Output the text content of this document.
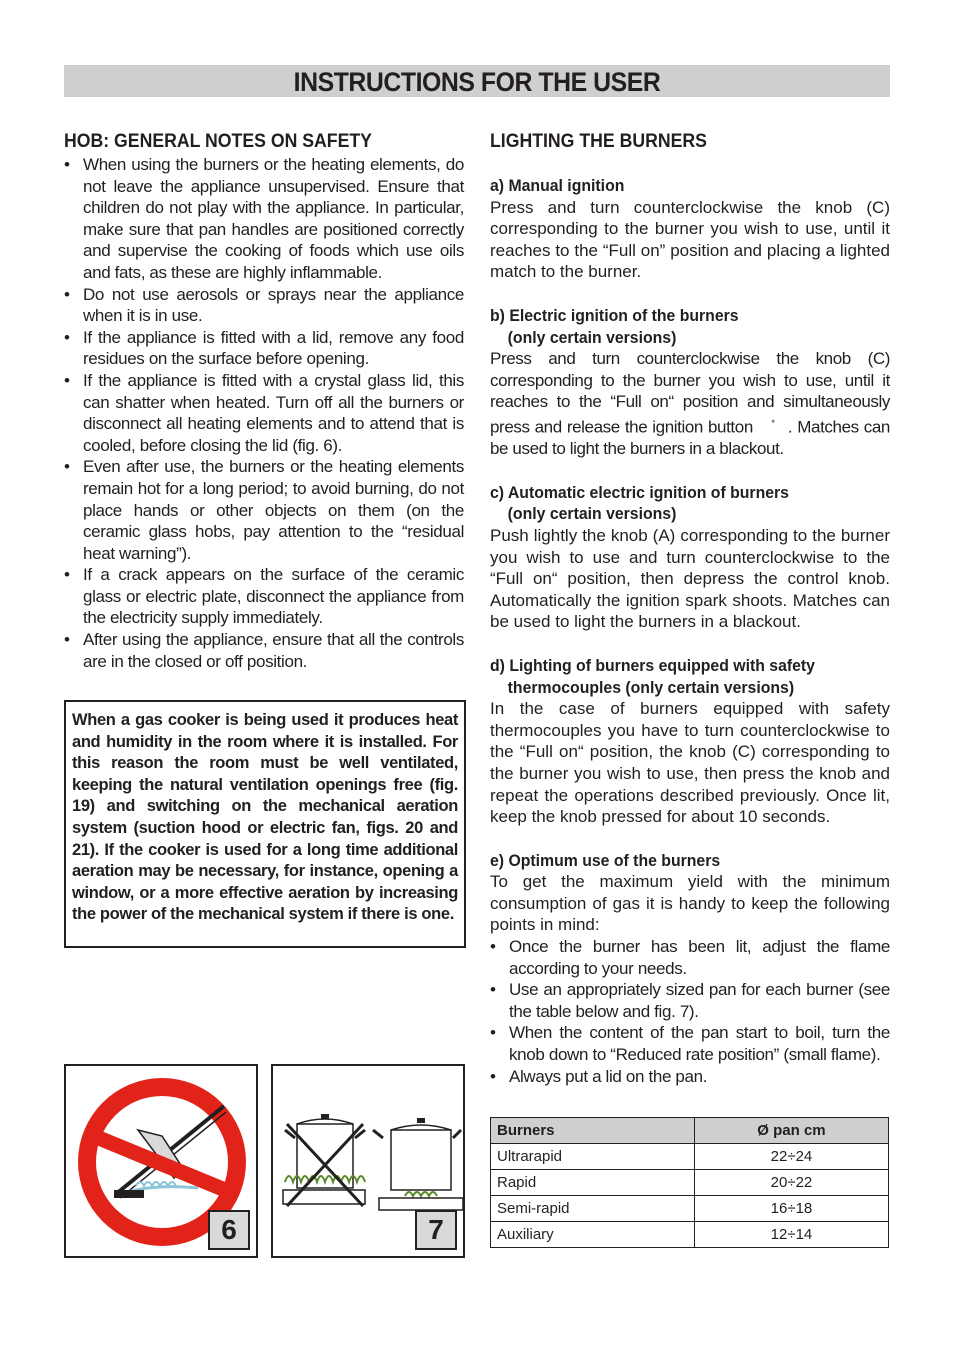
INSTRUCTIONS FOR THE USER
HOB: GENERAL NOTES ON SAFETY
• When using the burners or the heating elements, do not leave the appliance unsupervised. Ensure that children do not play with the appliance. In particular, make sure that pan handles are positioned correctly and supervise the cooking of foods which use oils and fats, as these are highly inflammable.
• Do not use aerosols or sprays near the appliance when it is in use.
• If the appliance is fitted with a lid, remove any food residues on the surface before opening.
• If the appliance is fitted with a crystal glass lid, this can shatter when heated. Turn off all the burners or disconnect all heating elements and to attend that is cooled, before closing the lid (fig. 6).
• Even after use, the burners or the heating elements remain hot for a long period; to avoid burning, do not place hands or other objects on them (on the ceramic glass hobs, pay attention to the “residual heat warning”).
• If a crack appears on the surface of the ceramic glass or electric plate, disconnect the appliance from the electricity supply immediately.
• After using the appliance, ensure that all the controls are in the closed or off position.
When a gas cooker is being used it produces heat and humidity in the room where it is installed. For this reason the room must be well ventilated, keeping the natural ventilation openings free (fig. 19) and switching on the mechanical aeration system (suction hood or electric fan, figs. 20 and 21). If the cooker is used for a long time additional aeration may be necessary, for instance, opening a window, or a more effective aeration by increasing the power of the mechanical system if there is one.
6	7
LIGHTING THE BURNERS
a) Manual ignition

Press and turn counterclockwise the knob (C) corresponding to the burner you wish to use, until it reaches to the “Full on” position and placing a lighted match to the burner.

b) Electric ignition of the burners
(only certain versions)

Press and turn counterclockwise the knob (C) corresponding to the burner you wish to use, until it reaches to the “Full on“ position and simultaneously press and release the ignition button * . Matches can be used to light the burners in a blackout.

c) Automatic electric ignition of burners
(only certain versions)

Push lightly the knob (A) corresponding to the burner you wish to use and turn counterclockwise to the “Full on“ position, then depress the control knob. Automatically the ignition spark shoots. Matches can be used to light the burners in a blackout.

d) Lighting of burners equipped with safety
thermocouples (only certain versions)

In the case of burners equipped with safety thermocouples you have to turn counterclockwise to the “Full on“ position, the knob (C) corresponding to the burner you wish to use, then press the knob and repeat the operations described previously. Once lit, keep the knob pressed for about 10 seconds.

e) Optimum use of the burners

To get the maximum yield with the minimum consumption of gas it is handy to keep the following points in mind:

• Once the burner has been lit, adjust the flame according to your needs.
• Use an appropriately sized pan for each burner (see the table below and fig. 7).
• When the content of the pan start to boil, turn the knob down to “Reduced rate position” (small flame).
• Always put a lid on the pan.
Burners	Ø pan cm
Ultrarapid	22÷24
Rapid	20÷22
Semi-rapid	16÷18
Auxiliary	12÷14
